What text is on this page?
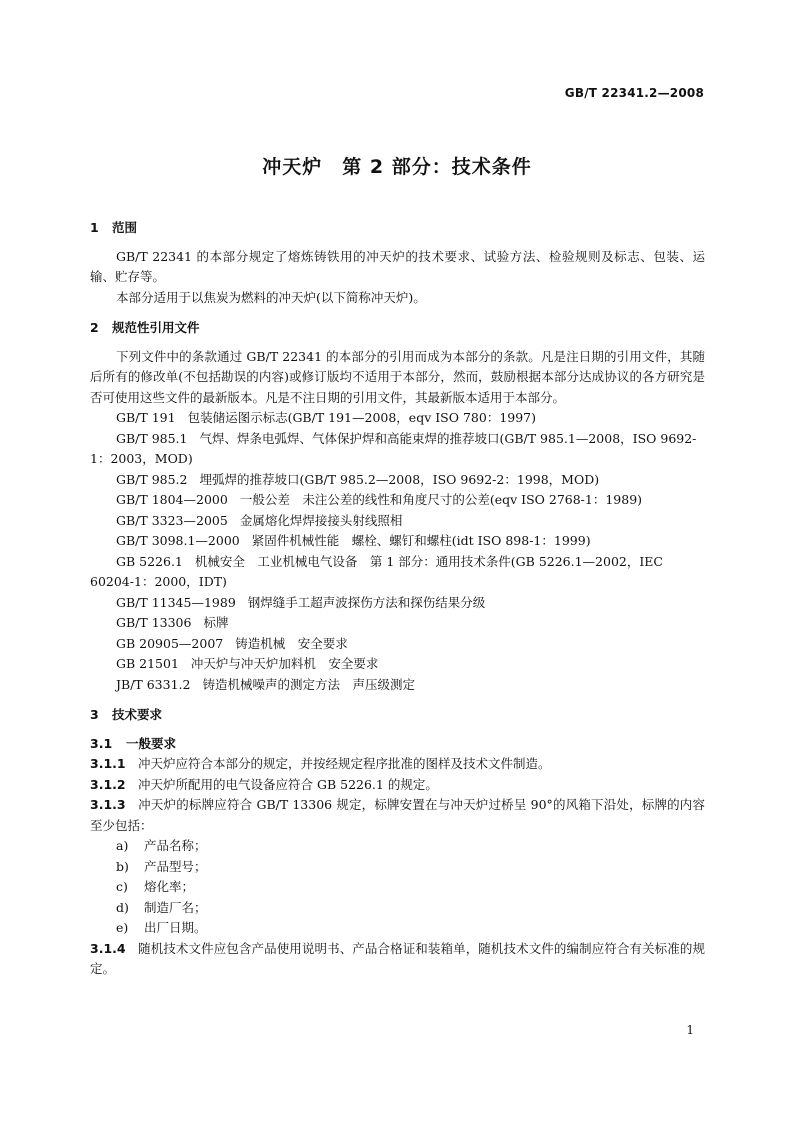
GB/T 22341.2—2008
冲天炉　第 2 部分：技术条件

1 范围

GB/T 22341 的本部分规定了熔炼铸铁用的冲天炉的技术要求、试验方法、检验规则及标志、包装、运输、贮存等。

本部分适用于以焦炭为燃料的冲天炉(以下简称冲天炉)。

2 规范性引用文件

下列文件中的条款通过 GB/T 22341 的本部分的引用而成为本部分的条款。凡是注日期的引用文件，其随后所有的修改单(不包括勘误的内容)或修订版均不适用于本部分，然而，鼓励根据本部分达成协议的各方研究是否可使用这些文件的最新版本。凡是不注日期的引用文件，其最新版本适用于本部分。

GB/T 191 包装储运图示标志(GB/T 191—2008，eqv ISO 780：1997)

GB/T 985.1 气焊、焊条电弧焊、气体保护焊和高能束焊的推荐坡口(GB/T 985.1—2008，ISO 9692-1：2003，MOD)

GB/T 985.2 埋弧焊的推荐坡口(GB/T 985.2—2008，ISO 9692-2：1998，MOD)

GB/T 1804—2000 一般公差　未注公差的线性和角度尺寸的公差(eqv ISO 2768-1：1989)

GB/T 3323—2005 金属熔化焊焊接接头射线照相

GB/T 3098.1—2000 紧固件机械性能　螺栓、螺钉和螺柱(idt ISO 898-1：1999)

GB 5226.1 机械安全　工业机械电气设备　第 1 部分：通用技术条件(GB 5226.1—2002，IEC 60204-1：2000，IDT)

GB/T 11345—1989 钢焊缝手工超声波探伤方法和探伤结果分级

GB/T 13306 标牌

GB 20905—2007 铸造机械　安全要求

GB 21501 冲天炉与冲天炉加料机　安全要求

JB/T 6331.2 铸造机械噪声的测定方法　声压级测定

3 技术要求

3.1 一般要求

3.1.1 冲天炉应符合本部分的规定，并按经规定程序批准的图样及技术文件制造。

3.1.2 冲天炉所配用的电气设备应符合 GB 5226.1 的规定。

3.1.3 冲天炉的标牌应符合 GB/T 13306 规定，标牌安置在与冲天炉过桥呈 90°的风箱下沿处，标牌的内容至少包括：

a) 产品名称；

b) 产品型号；

c) 熔化率；

d) 制造厂名；

e) 出厂日期。

3.1.4 随机技术文件应包含产品使用说明书、产品合格证和装箱单，随机技术文件的编制应符合有关标准的规定。

1
